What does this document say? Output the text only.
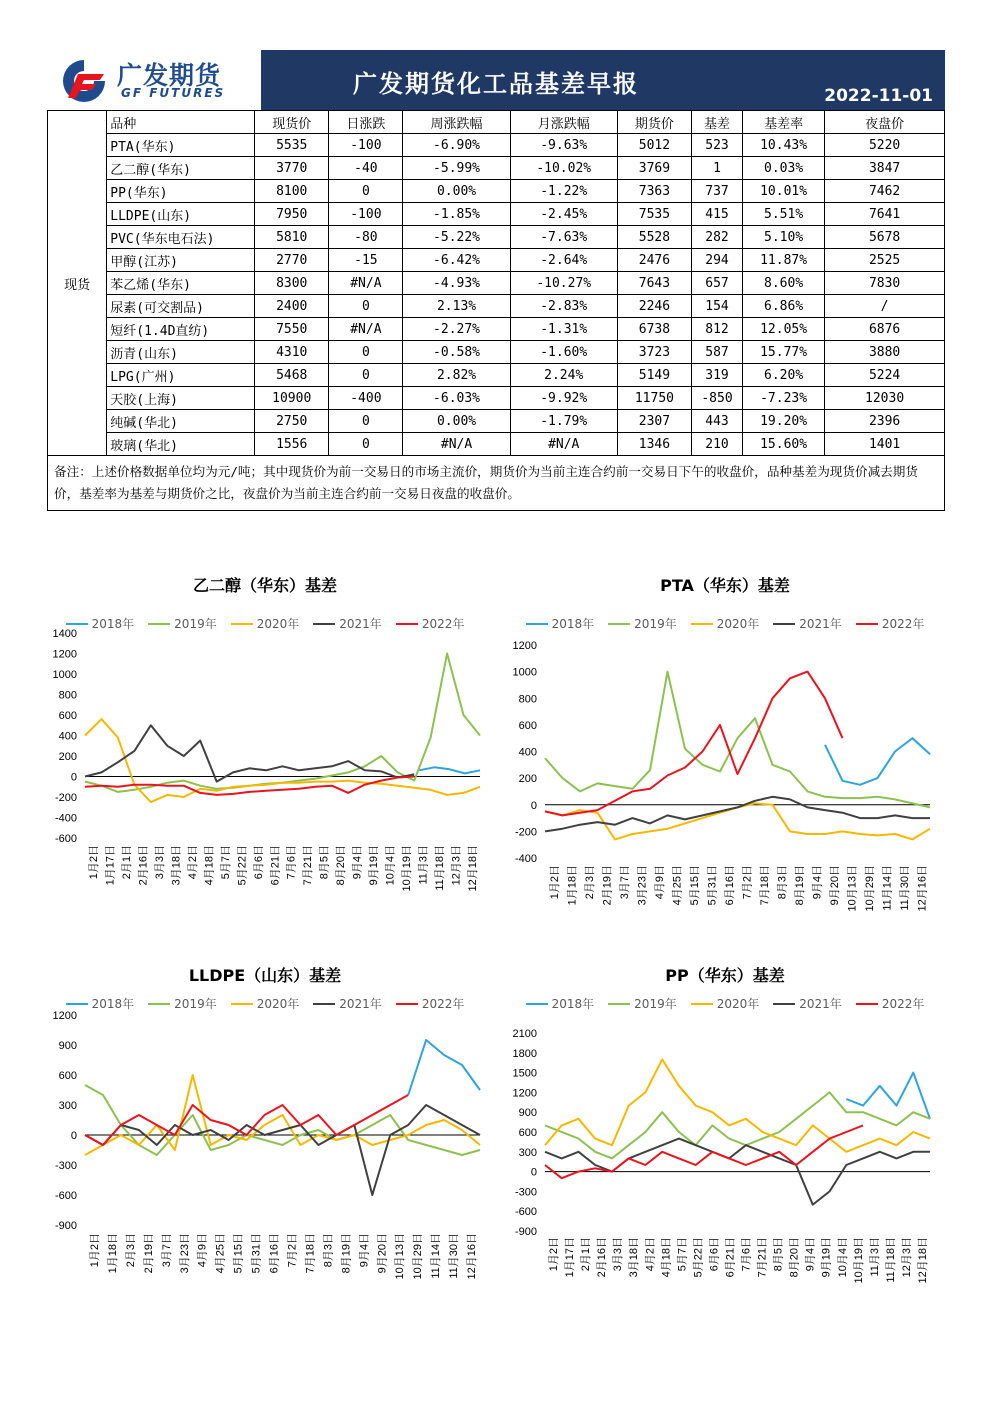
广发期货
GF FUTURES	广发期货化工品基差早报	2022-11-01
现货	品种	现货价	日涨跌	周涨跌幅	月涨跌幅	期货价	基差	基差率	夜盘价
	PTA(华东)	5535	-100	-6.90%	-9.63%	5012	523	10.43%	5220
	乙二醇(华东)	3770	-40	-5.99%	-10.02%	3769	1	0.03%	3847
	PP(华东)	8100	0	0.00%	-1.22%	7363	737	10.01%	7462
	LLDPE(山东)	7950	-100	-1.85%	-2.45%	7535	415	5.51%	7641
	PVC(华东电石法)	5810	-80	-5.22%	-7.63%	5528	282	5.10%	5678
	甲醇(江苏)	2770	-15	-6.42%	-2.64%	2476	294	11.87%	2525
	苯乙烯(华东)	8300	#N/A	-4.93%	-10.27%	7643	657	8.60%	7830
	尿素(可交割品)	2400	0	2.13%	-2.83%	2246	154	6.86%	/
	短纤(1.4D直纺)	7550	#N/A	-2.27%	-1.31%	6738	812	12.05%	6876
	沥青(山东)	4310	0	-0.58%	-1.60%	3723	587	15.77%	3880
	LPG(广州)	5468	0	2.82%	2.24%	5149	319	6.20%	5224
	天胶(上海)	10900	-400	-6.03%	-9.92%	11750	-850	-7.23%	12030
	纯碱(华北)	2750	0	0.00%	-1.79%	2307	443	19.20%	2396
	玻璃(华北)	1556	0	#N/A	#N/A	1346	210	15.60%	1401
备注：上述价格数据单位均为元/吨；其中现货价为前一交易日的市场主流价，期货价为当前主连合约前一交易日下午的收盘价，品种基差为现货价减去期货价，基差率为基差与期货价之比，夜盘价为当前主连合约前一交易日夜盘的收盘价。									
乙二醇（华东）基差
2018年	2019年	2020年	2021年	2022年
1400
1200
1000
800
600
400
200
0
-200
-400
-600
1月2日 1月17日 2月1日 2月16日 3月3日 3月18日 4月2日 4月18日 5月7日 5月22日 6月6日 6月21日 7月6日 7月21日 8月5日 8月20日 9月4日 9月19日 10月4日 10月19日 11月3日 11月18日 12月3日 12月18日
PTA（华东）基差
2018年	2019年	2020年	2021年	2022年
1200
1000
800
600
400
200
0
-200
-400
1月2日 1月18日 2月3日 2月19日 3月7日 3月23日 4月9日 4月25日 5月15日 5月31日 6月16日 7月2日 7月18日 8月3日 8月19日 9月4日 9月20日 10月13日 10月29日 11月14日 11月30日 12月16日
LLDPE（山东）基差
2018年	2019年	2020年	2021年	2022年
1200
900
600
300
0
-300
-600
-900
1月2日 1月18日 2月3日 2月19日 3月7日 3月23日 4月9日 4月25日 5月15日 5月31日 6月16日 7月2日 7月18日 8月3日 8月19日 9月4日 9月20日 10月13日 10月29日 11月14日 11月30日 12月16日
PP（华东）基差
2018年	2019年	2020年	2021年	2022年
2100
1800
1500
1200
900
600
300
0
-300
-600
-900
1月2日 1月17日 2月1日 2月16日 3月3日 3月18日 4月2日 4月18日 5月7日 5月22日 6月6日 6月21日 7月6日 7月21日 8月5日 8月20日 9月4日 9月19日 10月4日 10月19日 11月3日 11月18日 12月3日 12月18日
